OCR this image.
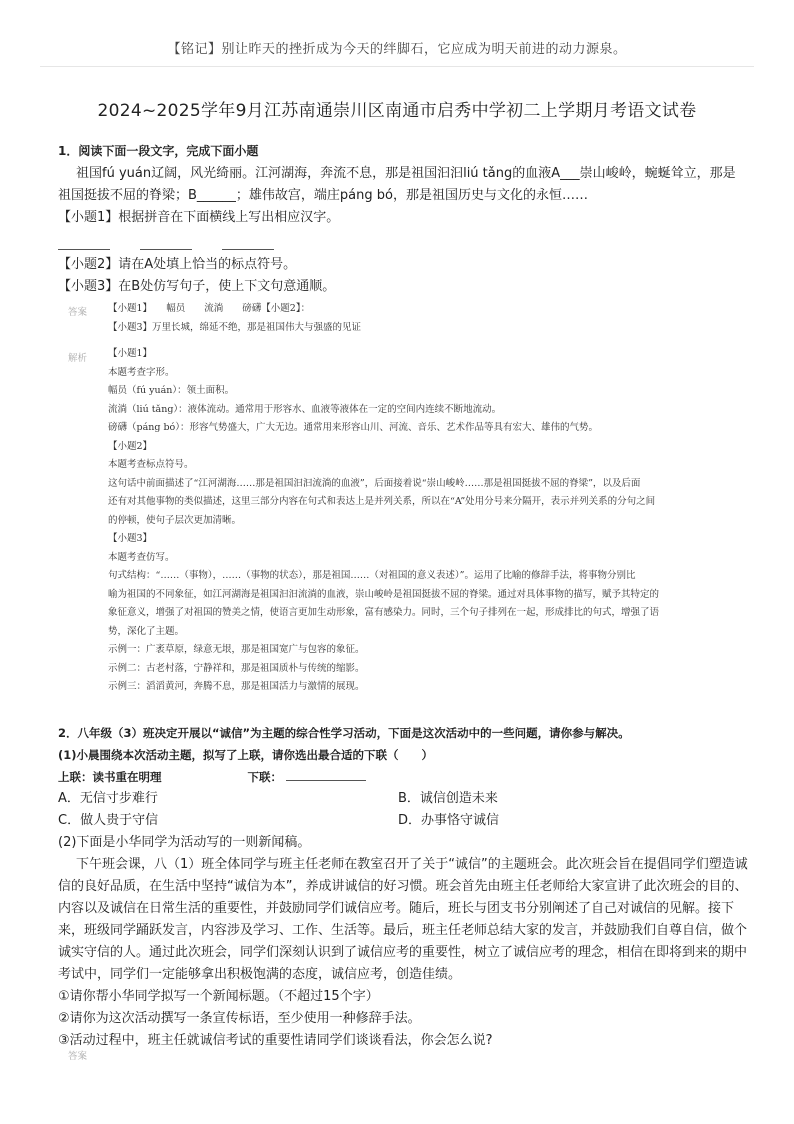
【铭记】别让昨天的挫折成为今天的绊脚石，它应成为明天前进的动力源泉。
2024~2025学年9月江苏南通崇川区南通市启秀中学初二上学期月考语文试卷
1．阅读下面一段文字，完成下面小题
祖国fú yuán辽阔，风光绮丽。江河湖海，奔流不息，那是祖国汩汩liú tǎng的血液A___崇山峻岭，蜿蜒耸立，那是祖国挺拔不屈的脊梁；B______；雄伟故宫，端庄páng bó，那是祖国历史与文化的永恒……
【小题1】根据拼音在下面横线上写出相应汉字。
【小题2】请在A处填上恰当的标点符号。
【小题3】在B处仿写句子，使上下文句意通顺。
答案 【小题1】　　幅员　　流淌　　磅礴【小题2】：
【小题3】万里长城，绵延不绝，那是祖国伟大与强盛的见证
解析 【小题1】
本题考查字形。
幅员（fú yuán）：领土面积。
流淌（liú tǎng）：液体流动。通常用于形容水、血液等液体在一定的空间内连续不断地流动。
磅礴（páng bó）：形容气势盛大，广大无边。通常用来形容山川、河流、音乐、艺术作品等具有宏大、雄伟的气势。
【小题2】
本题考查标点符号。
这句话中前面描述了“江河湖海……那是祖国汩汩流淌的血液”，后面接着说“崇山峻岭……那是祖国挺拔不屈的脊梁”，以及后面
还有对其他事物的类似描述，这里三部分内容在句式和表达上是并列关系，所以在“A”处用分号来分隔开，表示并列关系的分句之间
的停顿，使句子层次更加清晰。
【小题3】
本题考查仿写。
句式结构：“……（事物），……（事物的状态），那是祖国……（对祖国的意义表述）”。运用了比喻的修辞手法，将事物分别比
喻为祖国的不同象征，如江河湖海是祖国汩汩流淌的血液，崇山峻岭是祖国挺拔不屈的脊梁。通过对具体事物的描写，赋予其特定的
象征意义，增强了对祖国的赞美之情，使语言更加生动形象，富有感染力。同时，三个句子排列在一起，形成排比的句式，增强了语
势，深化了主题。
示例一：广袤草原，绿意无垠，那是祖国宽广与包容的象征。
示例二：古老村落，宁静祥和，那是祖国质朴与传统的缩影。
示例三：滔滔黄河，奔腾不息，那是祖国活力与激情的展现。
2．八年级（3）班决定开展以“诚信”为主题的综合性学习活动，下面是这次活动中的一些问题，请你参与解决。
(1)小晨围绕本次活动主题，拟写了上联，请你选出最合适的下联（　　）
上联：读书重在明理	下联：
A．无信寸步难行	B．诚信创造未来
C．做人贵于守信	D．办事恪守诚信
(2)下面是小华同学为活动写的一则新闻稿。
下午班会课，八（1）班全体同学与班主任老师在教室召开了关于“诚信”的主题班会。此次班会旨在提倡同学们塑造诚信的良好品质，在生活中坚持“诚信为本”，养成讲诚信的好习惯。班会首先由班主任老师给大家宣讲了此次班会的目的、内容以及诚信在日常生活的重要性，并鼓励同学们诚信应考。随后，班长与团支书分别阐述了自己对诚信的见解。接下来，班级同学踊跃发言，内容涉及学习、工作、生活等。最后，班主任老师总结大家的发言，并鼓励我们自尊自信，做个诚实守信的人。通过此次班会，同学们深刻认识到了诚信应考的重要性，树立了诚信应考的理念，相信在即将到来的期中考试中，同学们一定能够拿出积极饱满的态度，诚信应考，创造佳绩。
①请你帮小华同学拟写一个新闻标题。（不超过15个字）
②请你为这次活动撰写一条宣传标语，至少使用一种修辞手法。
③活动过程中，班主任就诚信考试的重要性请同学们谈谈看法，你会怎么说?
答案
